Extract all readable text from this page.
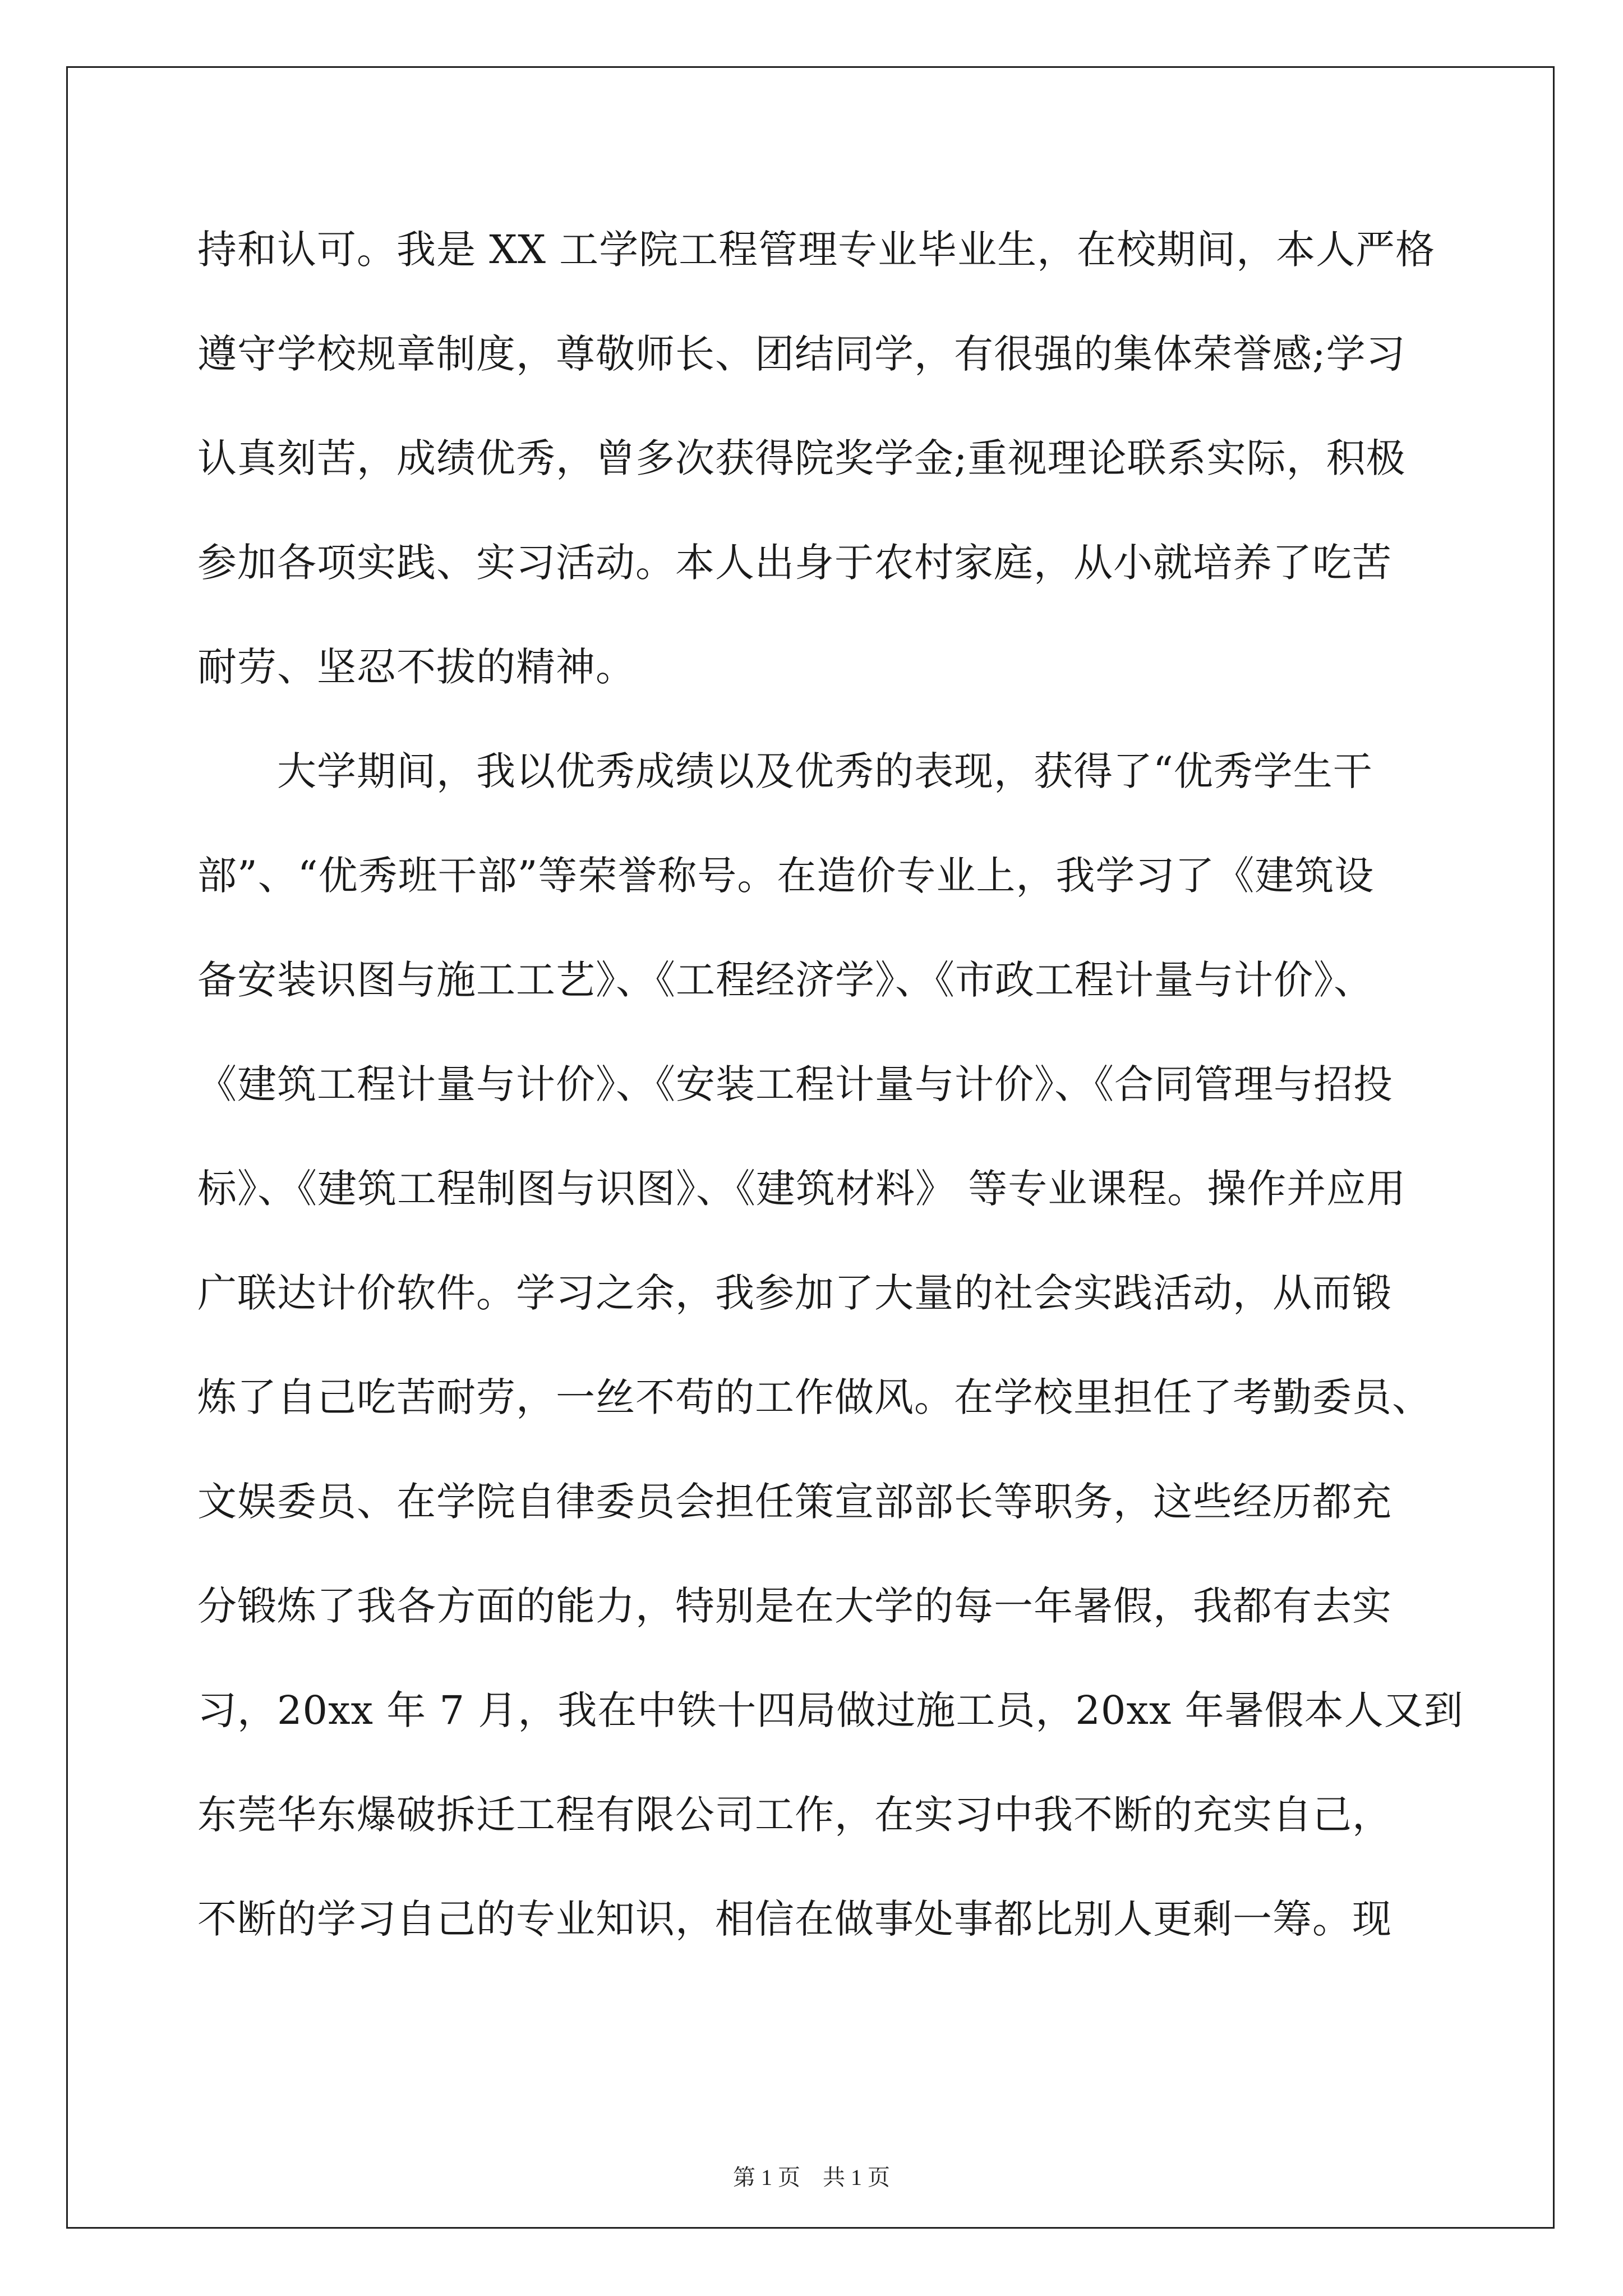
持和认可。我是 XX 工学院工程管理专业毕业生，在校期间，本人严格
遵守学校规章制度，尊敬师长、团结同学，有很强的集体荣誉感;学习
认真刻苦，成绩优秀，曾多次获得院奖学金;重视理论联系实际，积极
参加各项实践、实习活动。本人出身于农村家庭，从小就培养了吃苦
耐劳、坚忍不拔的精神。
　　大学期间，我以优秀成绩以及优秀的表现，获得了“优秀学生干
部”、“优秀班干部”等荣誉称号。在造价专业上，我学习了《建筑设
备安装识图与施工工艺》、《工程经济学》、《市政工程计量与计价》、
《建筑工程计量与计价》、《安装工程计量与计价》、《合同管理与招投
标》、《建筑工程制图与识图》、《建筑材料》 等专业课程。操作并应用
广联达计价软件。学习之余，我参加了大量的社会实践活动，从而锻
炼了自己吃苦耐劳，一丝不苟的工作做风。在学校里担任了考勤委员、
文娱委员、在学院自律委员会担任策宣部部长等职务，这些经历都充
分锻炼了我各方面的能力，特别是在大学的每一年暑假，我都有去实
习，20xx 年 7 月，我在中铁十四局做过施工员，20xx 年暑假本人又到
东莞华东爆破拆迁工程有限公司工作，在实习中我不断的充实自己，
不断的学习自己的专业知识，相信在做事处事都比别人更剩一筹。现
第 1 页 共 1 页
